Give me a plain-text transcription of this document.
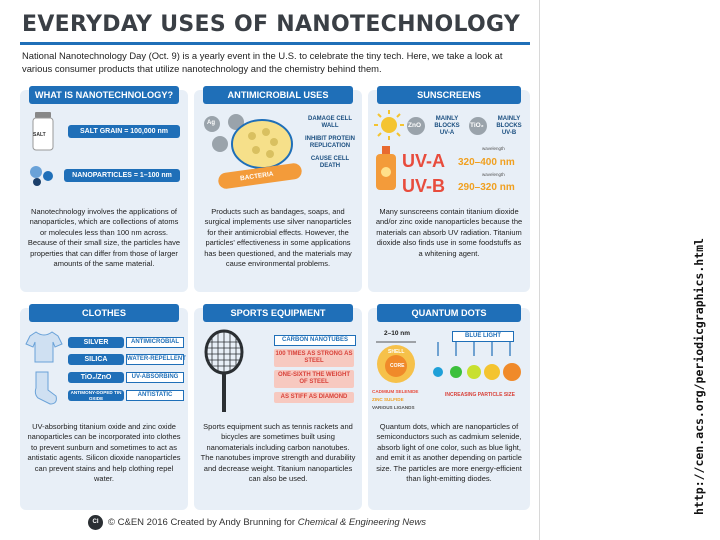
EVERYDAY USES OF NANOTECHNOLOGY
National Nanotechnology Day (Oct. 9) is a yearly event in the U.S. to celebrate the tiny tech. Here, we take a look at various consumer products that utilize nanotechnology and the chemistry behind them.
WHAT IS NANOTECHNOLOGY?
SALT	SALT GRAIN = 100,000 nm
NANOPARTICLES = 1–100 nm
Nanotechnology involves the applications of nanoparticles, which are collections of atoms or molecules less than 100 nm across. Because of their small size, the particles have properties that can differ from those of larger amounts of the same material.
ANTIMICROBIAL USES
Ag
BACTERIA
DAMAGE CELL WALL
INHIBIT PROTEIN REPLICATION
CAUSE CELL DEATH
Products such as bandages, soaps, and surgical implements use silver nanoparticles for their antimicrobial effects. However, the particles' effectiveness in some applications has been questioned, and the materials may cause environmental problems.
SUNSCREENS
ZnO
MAINLY BLOCKS UV-A
TiO₂
MAINLY BLOCKS UV-B
wavelength
UV-A 320–400 nm
wavelength
UV-B 290–320 nm
Many sunscreens contain titanium dioxide and/or zinc oxide nanoparticles because the materials can absorb UV radiation. Titanium dioxide also finds use in some foodstuffs as a whitening agent.
CLOTHES
SILVER	ANTIMICROBIAL
SILICA	WATER-REPELLENT
TiO₂/ZnO	UV-ABSORBING
ANTIMONY-DOPED TIN OXIDE	ANTISTATIC
UV-absorbing titanium oxide and zinc oxide nanoparticles can be incorporated into clothes to prevent sunburn and sometimes to act as antistatic agents. Silicon dioxide nanoparticles can prevent stains and help clothing repel water.
SPORTS EQUIPMENT
CARBON NANOTUBES
100 TIMES AS STRONG AS STEEL
ONE-SIXTH THE WEIGHT OF STEEL
AS STIFF AS DIAMOND
Sports equipment such as tennis rackets and bicycles are sometimes built using nanomaterials including carbon nanotubes. The nanotubes improve strength and durability and decrease weight. Titanium nanoparticles can also be used.
QUANTUM DOTS
2–10 nm
SHELL
CORE
BLUE LIGHT
CADMIUM SELENIDE
ZINC SULFIDE
VARIOUS LIGANDS
INCREASING PARTICLE SIZE
Quantum dots, which are nanoparticles of semiconductors such as cadmium selenide, absorb light of one color, such as blue light, and emit it as another depending on particle size. The particles are more energy-efficient than light-emitting diodes.
CI	© C&EN 2016 Created by Andy Brunning for Chemical & Engineering News
http://cen.acs.org/periodicgraphics.html
